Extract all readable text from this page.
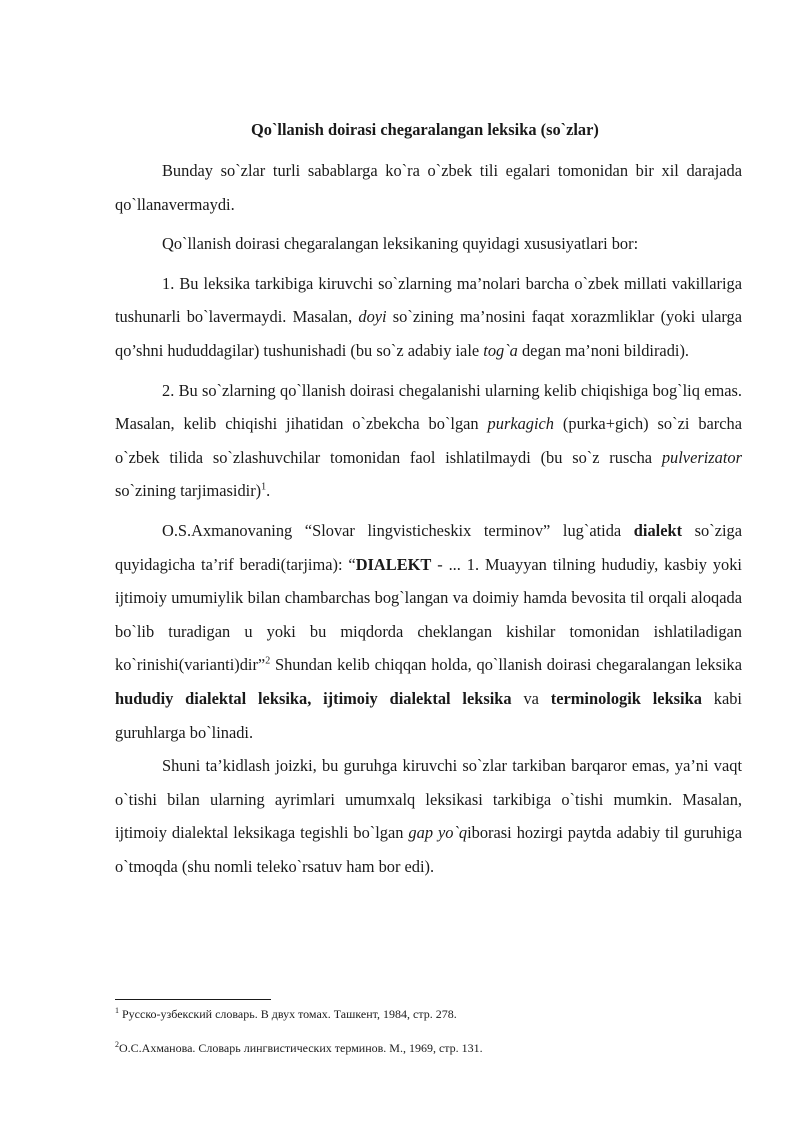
Qo`llanish doirasi chegaralangan leksika (so`zlar)

Bunday so`zlar turli sabablarga ko`ra o`zbek tili egalari tomonidan bir xil darajada qo`llanavermaydi.

Qo`llanish doirasi chegaralangan leksikaning quyidagi xususiyatlari bor:

1. Bu leksika tarkibiga kiruvchi so`zlarning ma’nolari barcha o`zbek millati vakillariga tushunarli bo`lavermaydi. Masalan, doyi so`zining ma’nosini faqat xorazmliklar (yoki ularga qo’shni hududdagilar) tushunishadi (bu so`z adabiy iale tog`a degan ma’noni bildiradi).

2. Bu so`zlarning qo`llanish doirasi chegalanishi ularning kelib chiqishiga bog`liq emas. Masalan, kelib chiqishi jihatidan o`zbekcha bo`lgan purkagich (purka+gich) so`zi barcha o`zbek tilida so`zlashuvchilar tomonidan faol ishlatilmaydi (bu so`z ruscha pulverizator so`zining tarjimasidir)$^1$.

O.S.Axmanovaning “Slovar lingvisticheskix terminov” lug`atida dialekt so`ziga quyidagicha ta’rif beradi(tarjima): “DIALEKT - ... 1. Muayyan tilning hududiy, kasbiy yoki ijtimoiy umumiylik bilan chambarchas bog`langan va doimiy hamda bevosita til orqali aloqada bo`lib turadigan u yoki bu miqdorda cheklangan kishilar tomonidan ishlatiladigan ko`rinishi(varianti)dir”$^2$ Shundan kelib chiqqan holda, qo`llanish doirasi chegaralangan leksika hududiy dialektal leksika, ijtimoiy dialektal leksika va terminologik leksika kabi guruhlarga bo`linadi.

Shuni ta’kidlash joizki, bu guruhga kiruvchi so`zlar tarkiban barqaror emas, ya’ni vaqt o`tishi bilan ularning ayrimlari umumxalq leksikasi tarkibiga o`tishi mumkin. Masalan, ijtimoiy dialektal leksikaga tegishli bo`lgan gap yo`qiborasi hozirgi paytda adabiy til guruhiga o`tmoqda (shu nomli teleko`rsatuv ham bor edi).

$^1$ Русско-узбекский словарь. В двух томах. Ташкент, 1984, стр. 278.

$^2$О.С.Ахманова. Словарь лингвистических терминов. М., 1969, стр. 131.
